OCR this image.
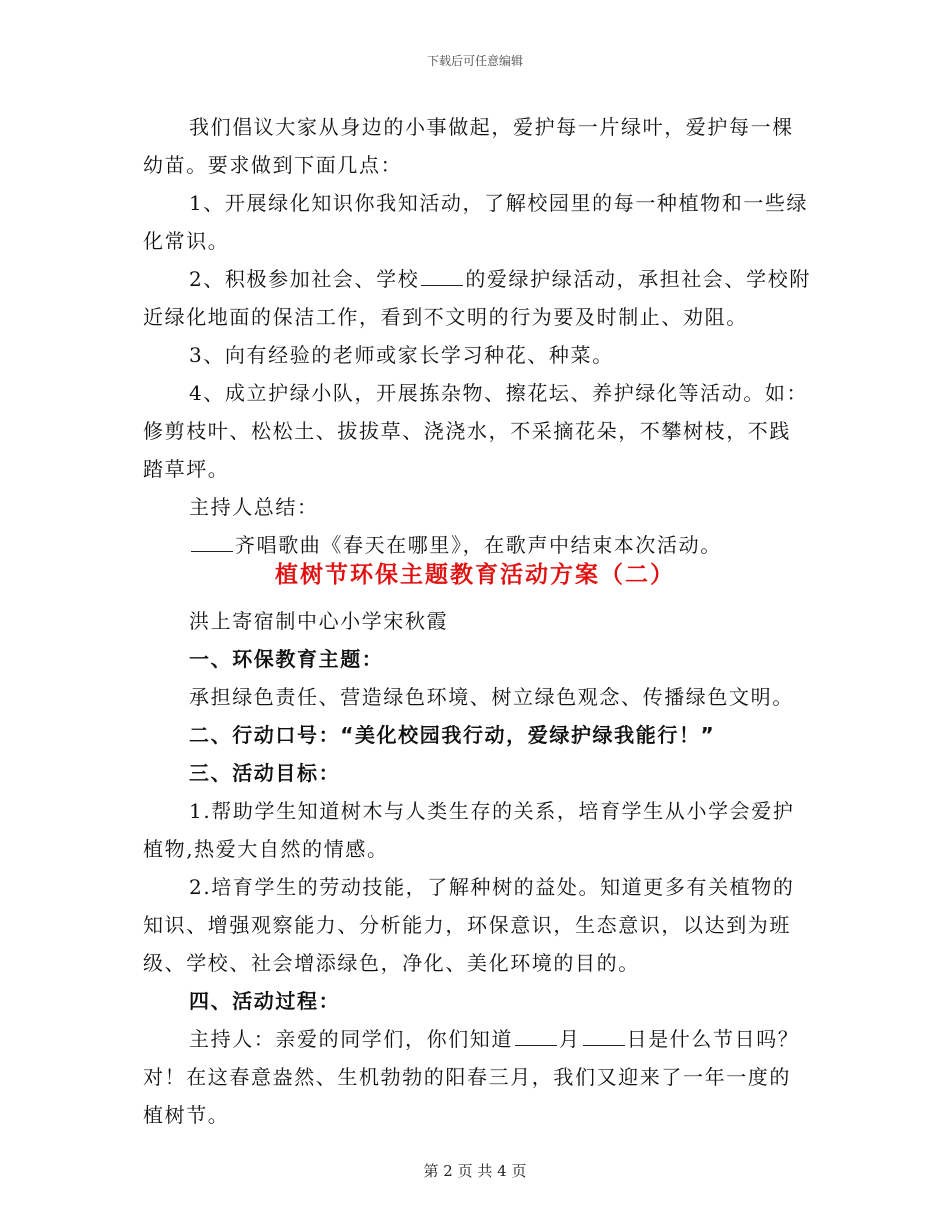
下载后可任意编辑
我们倡议大家从身边的小事做起，爱护每一片绿叶，爱护每一棵
幼苗。要求做到下面几点：
1、开展绿化知识你我知活动，了解校园里的每一种植物和一些绿
化常识。
2、积极参加社会、学校 的爱绿护绿活动，承担社会、学校附
近绿化地面的保洁工作，看到不文明的行为要及时制止、劝阻。
3、向有经验的老师或家长学习种花、种菜。
4、成立护绿小队，开展拣杂物、擦花坛、养护绿化等活动。如：
修剪枝叶、松松土、拔拔草、浇浇水，不采摘花朵，不攀树枝，不践
踏草坪。
主持人总结：
齐唱歌曲《春天在哪里》，在歌声中结束本次活动。
植树节环保主题教育活动方案（二）
洪上寄宿制中心小学宋秋霞
一、环保教育主题：
承担绿色责任、营造绿色环境、树立绿色观念、传播绿色文明。
二、行动口号：“美化校园我行动，爱绿护绿我能行！”
三、活动目标：
1.帮助学生知道树木与人类生存的关系，培育学生从小学会爱护
植物,热爱大自然的情感。
2.培育学生的劳动技能，了解种树的益处。知道更多有关植物的
知识、增强观察能力、分析能力，环保意识，生态意识，以达到为班
级、学校、社会增添绿色，净化、美化环境的目的。
四、活动过程：
主持人：亲爱的同学们，你们知道 月 日是什么节日吗？
对！在这春意盎然、生机勃勃的阳春三月，我们又迎来了一年一度的
植树节。
第 2 页 共 4 页
